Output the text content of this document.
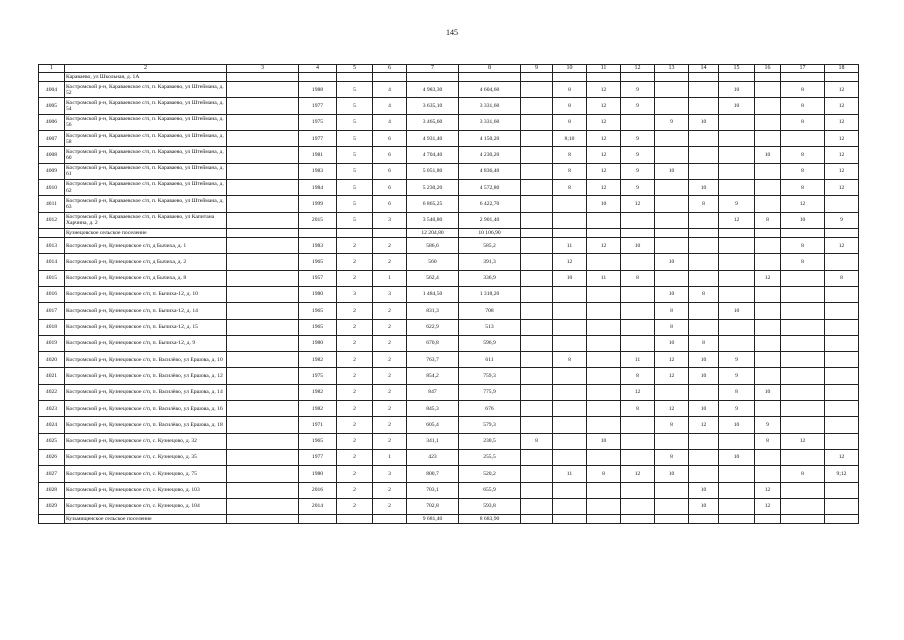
145
1	2	3	4	5	6	7	8	9	10	11	12	13	14	15	16	17	18
	Караваево, ул Школьная, д. 1А																
4004	Костромской р-н, Караваевское с/п, п. Караваево, ул Штеймана, д. 52		1988	5	4	4 983,30	4 604,60		8	12	9			10		8	12
4005	Костромской р-н, Караваевское с/п, п. Караваево, ул Штеймана, д. 54		1977	5	4	3 635,10	3 331,60		8	12	9			10		8	12
4006	Костромской р-н, Караваевское с/п, п. Караваево, ул Штеймана, д. 56		1975	5	4	3 465,60	3 331,60		8	12		9	10			8	12
4007	Костромской р-н, Караваевское с/п, п. Караваево, ул Штеймана, д. 58		1977	5	6	4 931,40	4 150,20		8;10	12	9						12
4008	Костромской р-н, Караваевское с/п, п. Караваево, ул Штеймана, д. 60		1981	5	6	4 704,40	4 230,20		8	12	9				10	8	12
4009	Костромской р-н, Караваевское с/п, п. Караваево, ул Штеймана, д. 61		1983	5	6	5 051,80	4 836,40		8	12	9	10				8	12
4010	Костромской р-н, Караваевское с/п, п. Караваево, ул Штеймана, д. 62		1984	5	6	5 230,20	4 572,80		8	12	9		10			8	12
4011	Костромской р-н, Караваевское с/п, п. Караваево, ул Штеймана, д. 63		1999	5	6	6 865,25	6 422,70			10	12		8	9		12	
4012	Костромской р-н, Караваевское с/п, п. Караваево, ул Капитана Харчина, д. 2		2015	5	3	3 540,80	2 901,40							12	8	10	9
	Кузнецовское сельское поселение					12 204,80	10 106,90										
4013	Костромской р-н, Кузнецовское с/п, д Бычиха, д. 1		1983	2	2	586,6	585,2		11	12	10					8	12
4014	Костромской р-н, Кузнецовское с/п, д Бычиха, д. 2		1965	2	2	560	391,3		12			10				8	
4015	Костромской р-н, Кузнецовское с/п, д Бычиха, д. 8		1957	2	1	562,4	336,9		10	11	8				12		8
4016	Костромской р-н, Кузнецовское с/п, п. Бычиха-12, д. 10		1980	3	3	1 484,50	1 318,20					10	8				
4017	Костромской р-н, Кузнецовское с/п, п. Бычиха-12, д. 14		1965	2	2	831,3	708					8		10			
4018	Костромской р-н, Кузнецовское с/п, п. Бычиха-12, д. 15		1965	2	2	622,9	513					8					
4019	Костромской р-н, Кузнецовское с/п, п. Бычиха-12, д. 9		1980	2	2	670,8	596,9					10	8				
4020	Костромской р-н, Кузнецовское с/п, п. Василёво, ул Ершова, д. 10		1982	2	2	763,7	611		8		11	12	10	9			
4021	Костромской р-н, Кузнецовское с/п, п. Василёво, ул Ершова, д. 12		1975	2	2	854,2	759,3				8	12	10	9			
4022	Костромской р-н, Кузнецовское с/п, п. Василёво, ул Ершова, д. 14		1982	2	2	847	775,9				12			8	10		
4023	Костромской р-н, Кузнецовское с/п, п. Василёво, ул Ершова, д. 16		1982	2	2	845,3	676				8	12	10	9			
4024	Костромской р-н, Кузнецовское с/п, п. Василёво, ул Ершова, д. 18		1971	2	2	605,4	579,3					8	12	10	9		
4025	Костромской р-н, Кузнецовское с/п, с. Кузнецово, д. 32		1965	2	2	341,1	230,5	8		10					8	12	
4026	Костромской р-н, Кузнецовское с/п, с. Кузнецово, д. 35		1977	2	1	423	255,5					8		10			12
4027	Костромской р-н, Кузнецовское с/п, с. Кузнецово, д. 75		1980	2	3	800,7	520,2		11	8	12	10				8	9;12
4028	Костромской р-н, Кузнецовское с/п, с. Кузнецово, д. 103		2016	2	2	703,1	655,9						10		12		
4029	Костромской р-н, Кузнецовское с/п, с. Кузнецово, д. 104		2014	2	2	702,8	593,8						10		12		
	Кузьмищенское сельское поселение					9 681,40	8 683,90										
